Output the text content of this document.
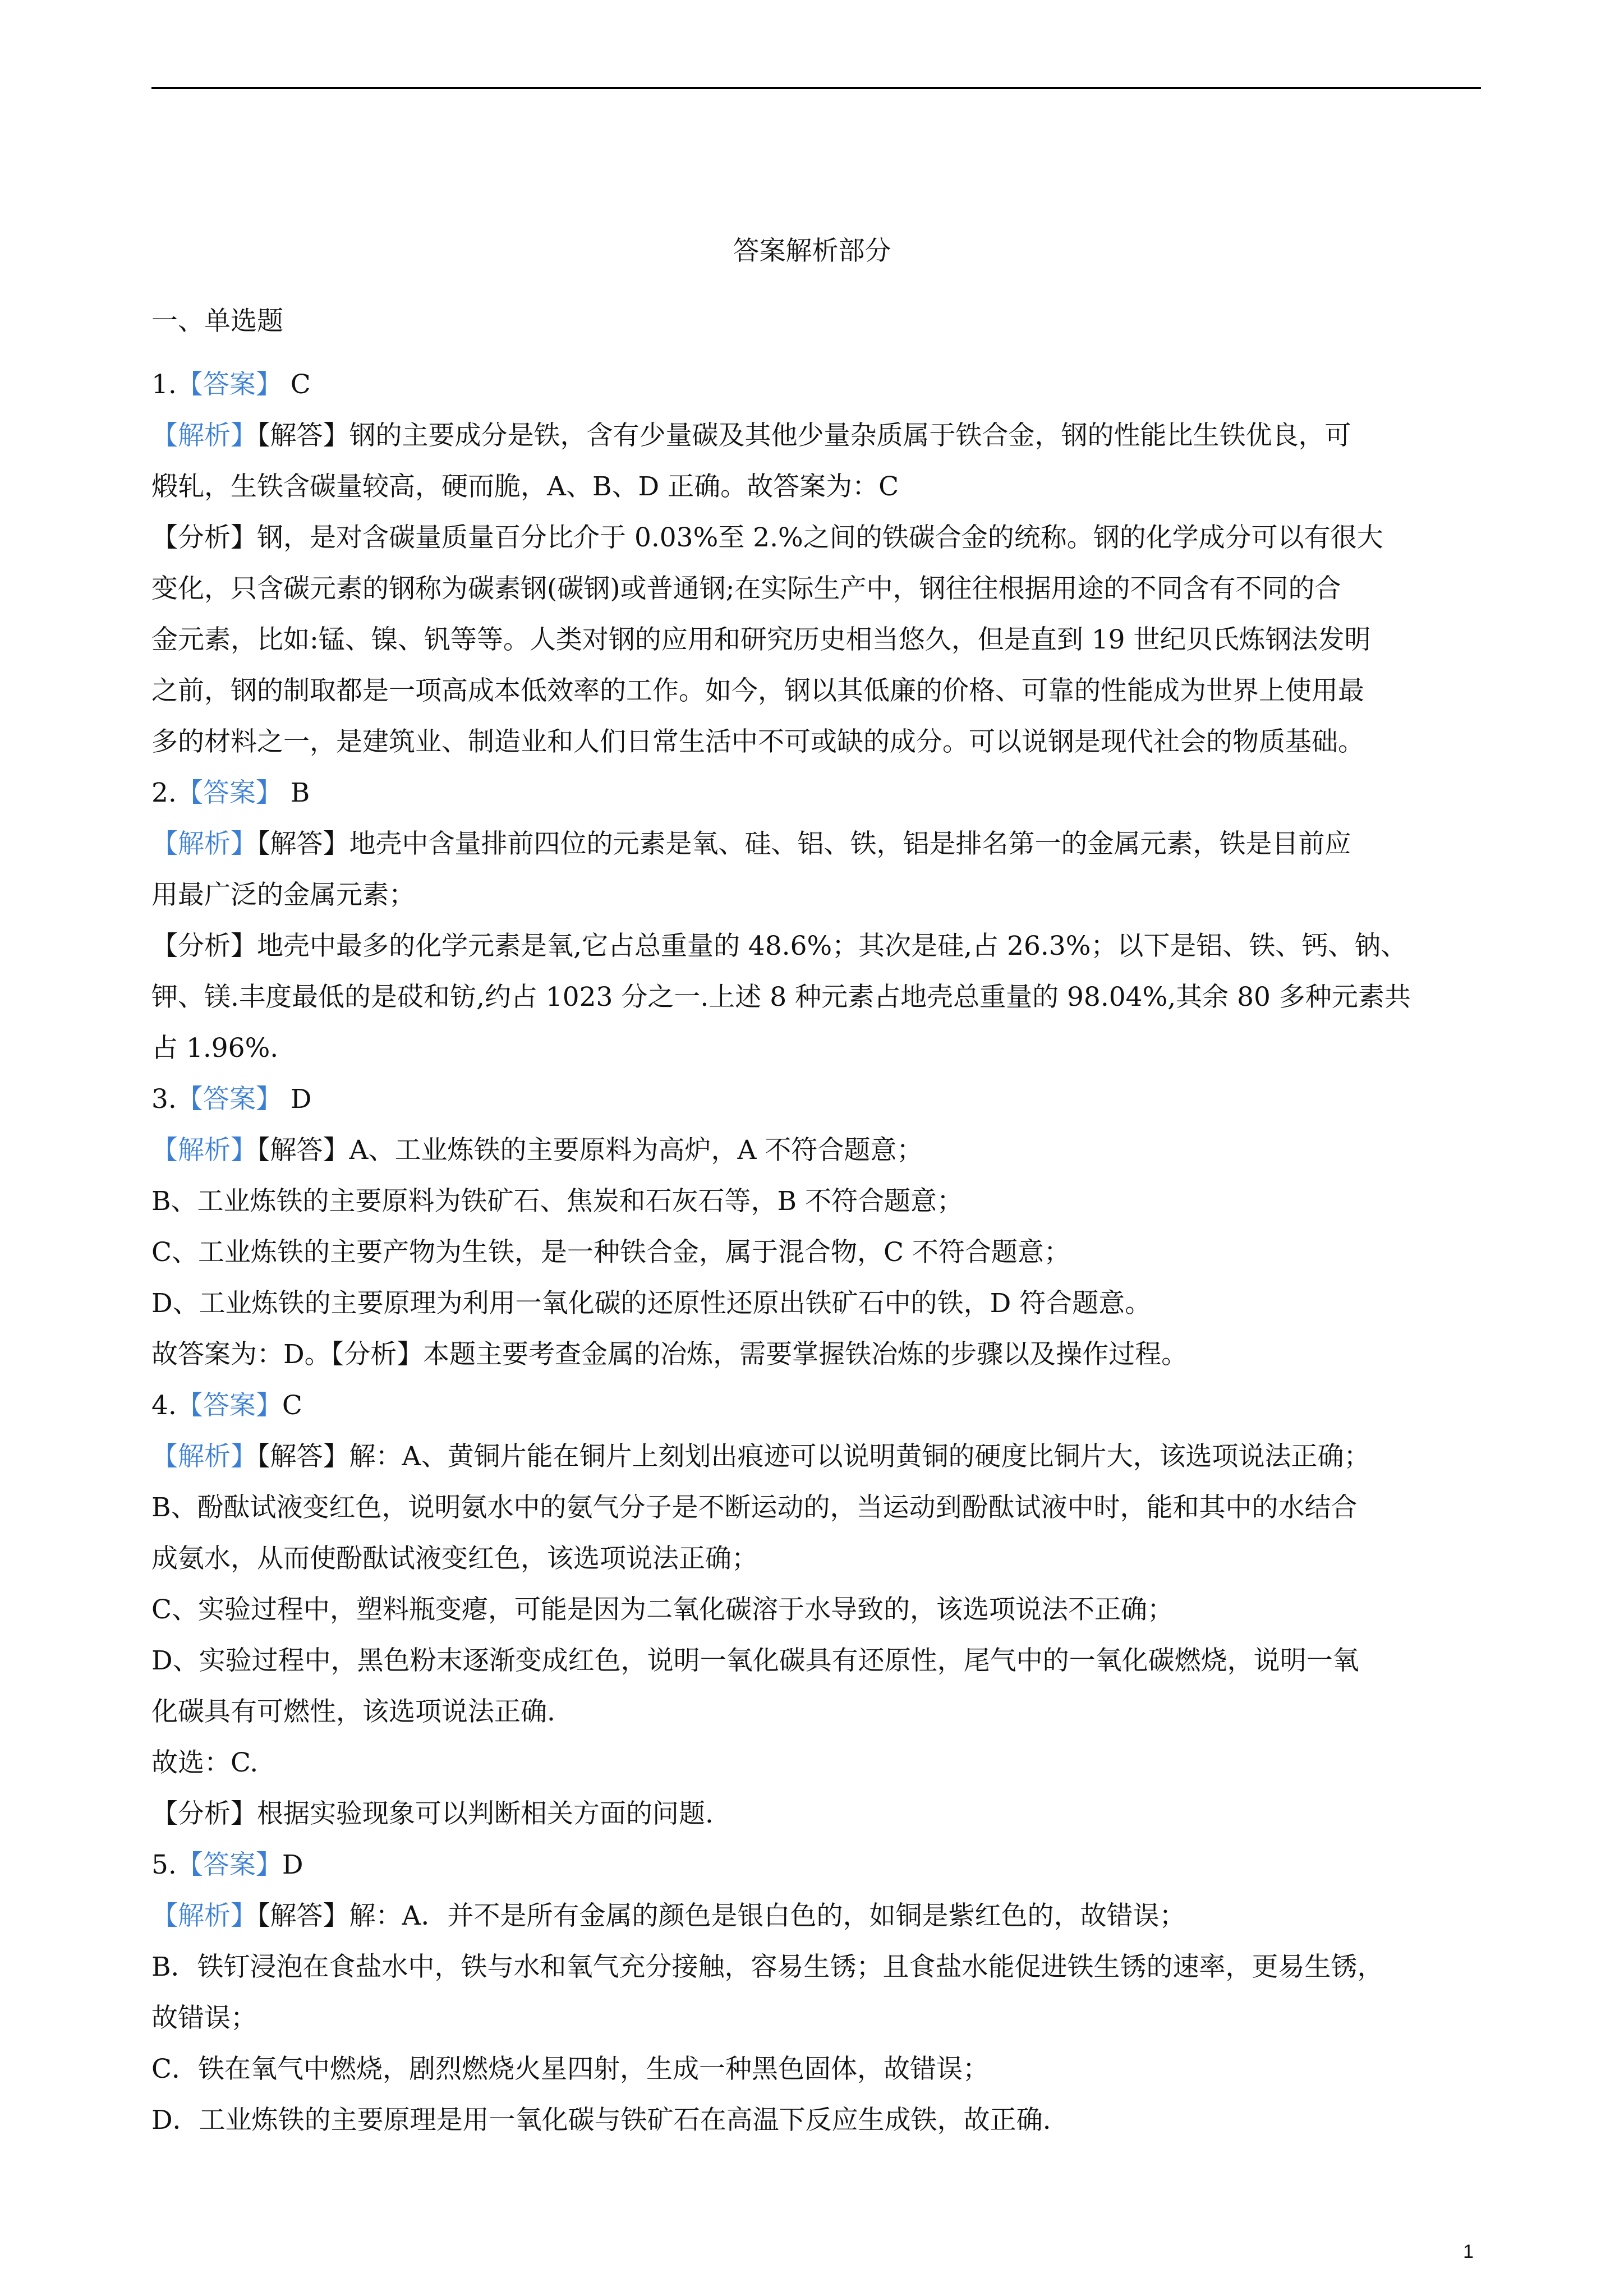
答案解析部分
一、单选题

1.【答案】 C

【解析】【解答】钢的主要成分是铁，含有少量碳及其他少量杂质属于铁合金，钢的性能比生铁优良，可

煅轧，生铁含碳量较高，硬而脆，A、B、D 正确。故答案为：C

【分析】钢，是对含碳量质量百分比介于 0.03%至 2.%之间的铁碳合金的统称。钢的化学成分可以有很大

变化，只含碳元素的钢称为碳素钢(碳钢)或普通钢;在实际生产中，钢往往根据用途的不同含有不同的合

金元素，比如:锰、镍、钒等等。人类对钢的应用和研究历史相当悠久，但是直到 19 世纪贝氏炼钢法发明

之前，钢的制取都是一项高成本低效率的工作。如今，钢以其低廉的价格、可靠的性能成为世界上使用最

多的材料之一，是建筑业、制造业和人们日常生活中不可或缺的成分。可以说钢是现代社会的物质基础。

2.【答案】 B

【解析】【解答】地壳中含量排前四位的元素是氧、硅、铝、铁，铝是排名第一的金属元素，铁是目前应

用最广泛的金属元素；

【分析】地壳中最多的化学元素是氧,它占总重量的 48.6%；其次是硅,占 26.3%；以下是铝、铁、钙、钠、

钾、镁.丰度最低的是砹和钫,约占 1023 分之一.上述 8 种元素占地壳总重量的 98.04%,其余 80 多种元素共

占 1.96%.

3.【答案】 D

【解析】【解答】A、工业炼铁的主要原料为高炉，A 不符合题意；

B、工业炼铁的主要原料为铁矿石、焦炭和石灰石等，B 不符合题意；

C、工业炼铁的主要产物为生铁，是一种铁合金，属于混合物，C 不符合题意；

D、工业炼铁的主要原理为利用一氧化碳的还原性还原出铁矿石中的铁，D 符合题意。

故答案为：D。【分析】本题主要考查金属的冶炼，需要掌握铁冶炼的步骤以及操作过程。

4.【答案】C

【解析】【解答】解：A、黄铜片能在铜片上刻划出痕迹可以说明黄铜的硬度比铜片大，该选项说法正确；

B、酚酞试液变红色，说明氨水中的氨气分子是不断运动的，当运动到酚酞试液中时，能和其中的水结合

成氨水，从而使酚酞试液变红色，该选项说法正确；

C、实验过程中，塑料瓶变瘪，可能是因为二氧化碳溶于水导致的，该选项说法不正确；

D、实验过程中，黑色粉末逐渐变成红色，说明一氧化碳具有还原性，尾气中的一氧化碳燃烧，说明一氧

化碳具有可燃性，该选项说法正确.

故选：C.

【分析】根据实验现象可以判断相关方面的问题.

5.【答案】D

【解析】【解答】解：A．并不是所有金属的颜色是银白色的，如铜是紫红色的，故错误；

B．铁钉浸泡在食盐水中，铁与水和氧气充分接触，容易生锈；且食盐水能促进铁生锈的速率，更易生锈，

故错误；

C．铁在氧气中燃烧，剧烈燃烧火星四射，生成一种黑色固体，故错误；

D．工业炼铁的主要原理是用一氧化碳与铁矿石在高温下反应生成铁，故正确.

1
